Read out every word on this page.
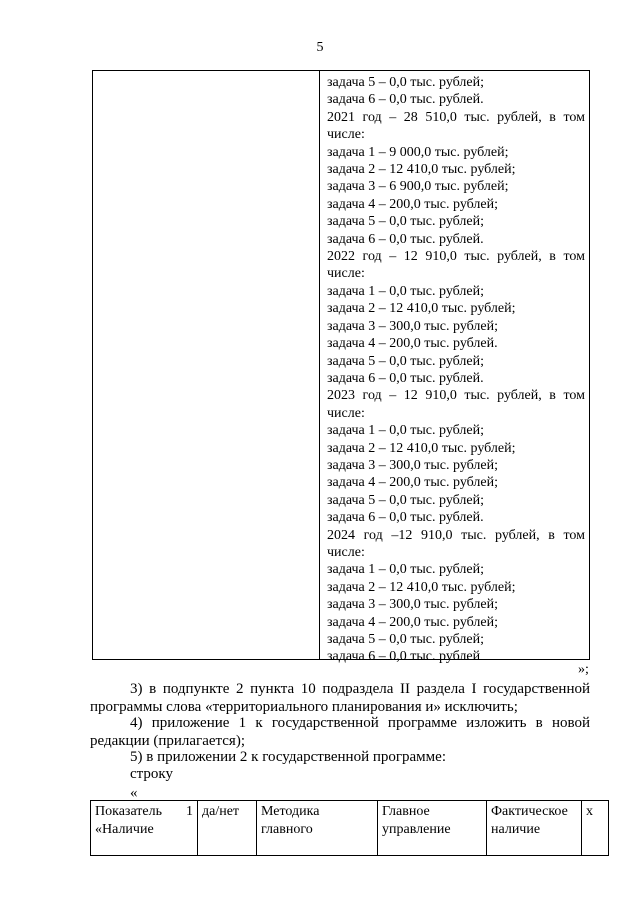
5
задача 5 – 0,0 тыс. рублей;
задача 6 – 0,0 тыс. рублей.
2021 год – 28 510,0 тыс. рублей, в том
числе:
задача 1 – 9 000,0 тыс. рублей;
задача 2 – 12 410,0 тыс. рублей;
задача 3 – 6 900,0 тыс. рублей;
задача 4 – 200,0 тыс. рублей;
задача 5 – 0,0 тыс. рублей;
задача 6 – 0,0 тыс. рублей.
2022 год – 12 910,0 тыс. рублей, в том
числе:
задача 1 – 0,0 тыс. рублей;
задача 2 – 12 410,0 тыс. рублей;
задача 3 – 300,0 тыс. рублей;
задача 4 – 200,0 тыс. рублей.
задача 5 – 0,0 тыс. рублей;
задача 6 – 0,0 тыс. рублей.
2023 год – 12 910,0 тыс. рублей, в том
числе:
задача 1 – 0,0 тыс. рублей;
задача 2 – 12 410,0 тыс. рублей;
задача 3 – 300,0 тыс. рублей;
задача 4 – 200,0 тыс. рублей;
задача 5 – 0,0 тыс. рублей;
задача 6 – 0,0 тыс. рублей.
2024 год –12 910,0 тыс. рублей, в том
числе:
задача 1 – 0,0 тыс. рублей;
задача 2 – 12 410,0 тыс. рублей;
задача 3 – 300,0 тыс. рублей;
задача 4 – 200,0 тыс. рублей;
задача 5 – 0,0 тыс. рублей;
задача 6 – 0,0 тыс. рублей
»;
3) в подпункте 2 пункта 10 подраздела II раздела I государственной
программы слова «территориального планирования и» исключить;
4) приложение 1 к государственной программе изложить в новой
редакции (прилагается);
5) в приложении 2 к государственной программе:
строку
«
Показатель 1
«Наличие

да/нет	Методика
главного

Главное
управление

Фактическое
наличие

х
